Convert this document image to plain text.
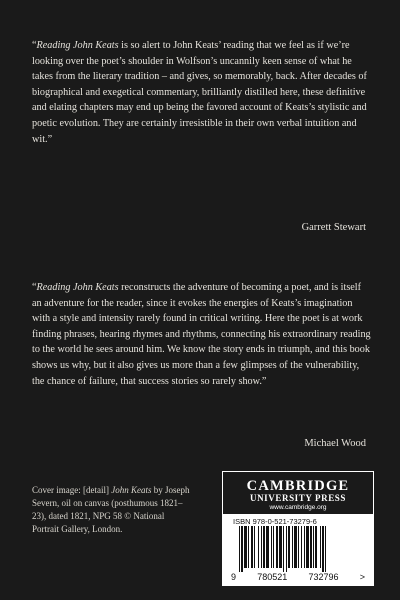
“Reading John Keats is so alert to John Keats’ reading that we feel as if we’re looking over the poet’s shoulder in Wolfson’s uncannily keen sense of what he takes from the literary tradition – and gives, so memorably, back. After decades of biographical and exegetical commentary, brilliantly distilled here, these definitive and elating chapters may end up being the favored account of Keats’s stylistic and poetic evolution. They are certainly irresistible in their own verbal intuition and wit.”

Garrett Stewart

“Reading John Keats reconstructs the adventure of becoming a poet, and is itself an adventure for the reader, since it evokes the energies of Keats’s imagination with a style and intensity rarely found in critical writing. Here the poet is at work finding phrases, hearing rhymes and rhythms, connecting his extraordinary reading to the world he sees around him. We know the story ends in triumph, and this book shows us why, but it also gives us more than a few glimpses of the vulnerability, the chance of failure, that success stories so rarely show.”

Michael Wood
Cover image: [detail] John Keats by Joseph Severn, oil on canvas (posthumous 1821–23), dated 1821, NPG 58 © National Portrait Gallery, London.
CAMBRIDGE
UNIVERSITY PRESS
www.cambridge.org
ISBN 978-0-521-73279-6
9 780521 732796 >
